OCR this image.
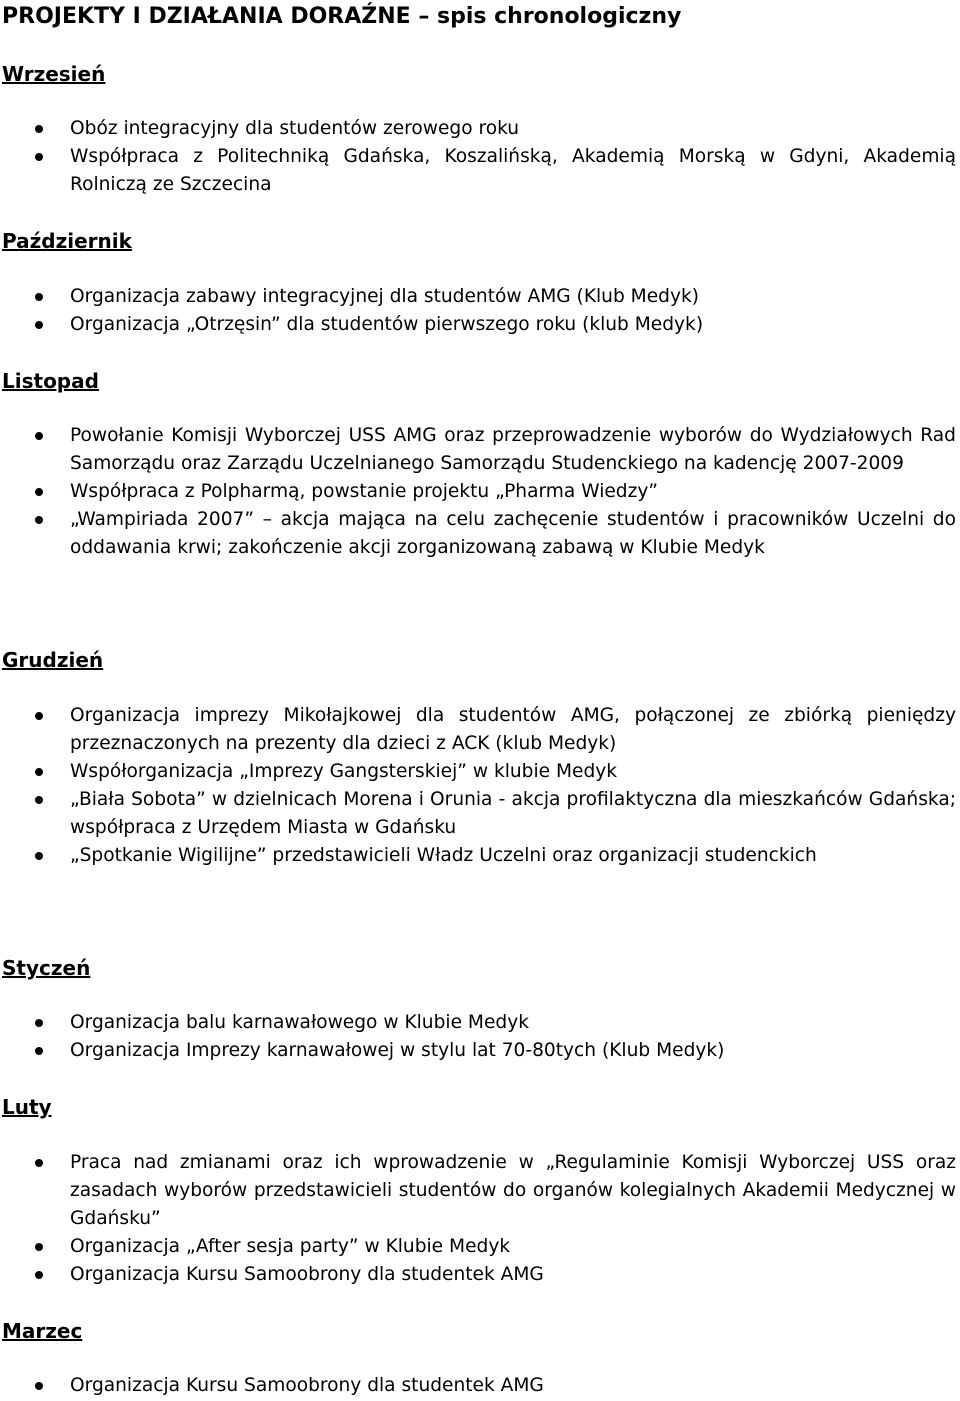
PROJEKTY I DZIAŁANIA DORAŹNE – spis chronologiczny
Wrzesień
Obóz integracyjny dla studentów zerowego roku
Współpraca z Politechniką Gdańska, Koszalińską, Akademią Morską w Gdyni, Akademią Rolniczą ze Szczecina
Październik
Organizacja zabawy integracyjnej dla studentów AMG (Klub Medyk)
Organizacja „Otrzęsin” dla studentów pierwszego roku (klub Medyk)
Listopad
Powołanie Komisji Wyborczej USS AMG oraz przeprowadzenie wyborów do Wydziałowych Rad Samorządu oraz Zarządu Uczelnianego Samorządu Studenckiego na kadencję 2007-2009
Współpraca z Polpharmą, powstanie projektu „Pharma Wiedzy”
„Wampiriada 2007” – akcja mająca na celu zachęcenie studentów i pracowników Uczelni do oddawania krwi; zakończenie akcji zorganizowaną zabawą w Klubie Medyk
Grudzień
Organizacja imprezy Mikołajkowej dla studentów AMG, połączonej ze zbiórką pieniędzy przeznaczonych na prezenty dla dzieci z ACK (klub Medyk)
Współorganizacja „Imprezy Gangsterskiej” w klubie Medyk
„Biała Sobota” w dzielnicach Morena i Orunia - akcja profilaktyczna dla mieszkańców Gdańska; współpraca z Urzędem Miasta w Gdańsku
„Spotkanie Wigilijne” przedstawicieli Władz Uczelni oraz organizacji studenckich
Styczeń
Organizacja balu karnawałowego w Klubie Medyk
Organizacja Imprezy karnawałowej w stylu lat 70-80tych (Klub Medyk)
Luty
Praca nad zmianami oraz ich wprowadzenie w „Regulaminie Komisji Wyborczej USS oraz zasadach wyborów przedstawicieli studentów do organów kolegialnych Akademii Medycznej w Gdańsku”
Organizacja „After sesja party” w Klubie Medyk
Organizacja Kursu Samoobrony dla studentek AMG
Marzec
Organizacja Kursu Samoobrony dla studentek AMG
